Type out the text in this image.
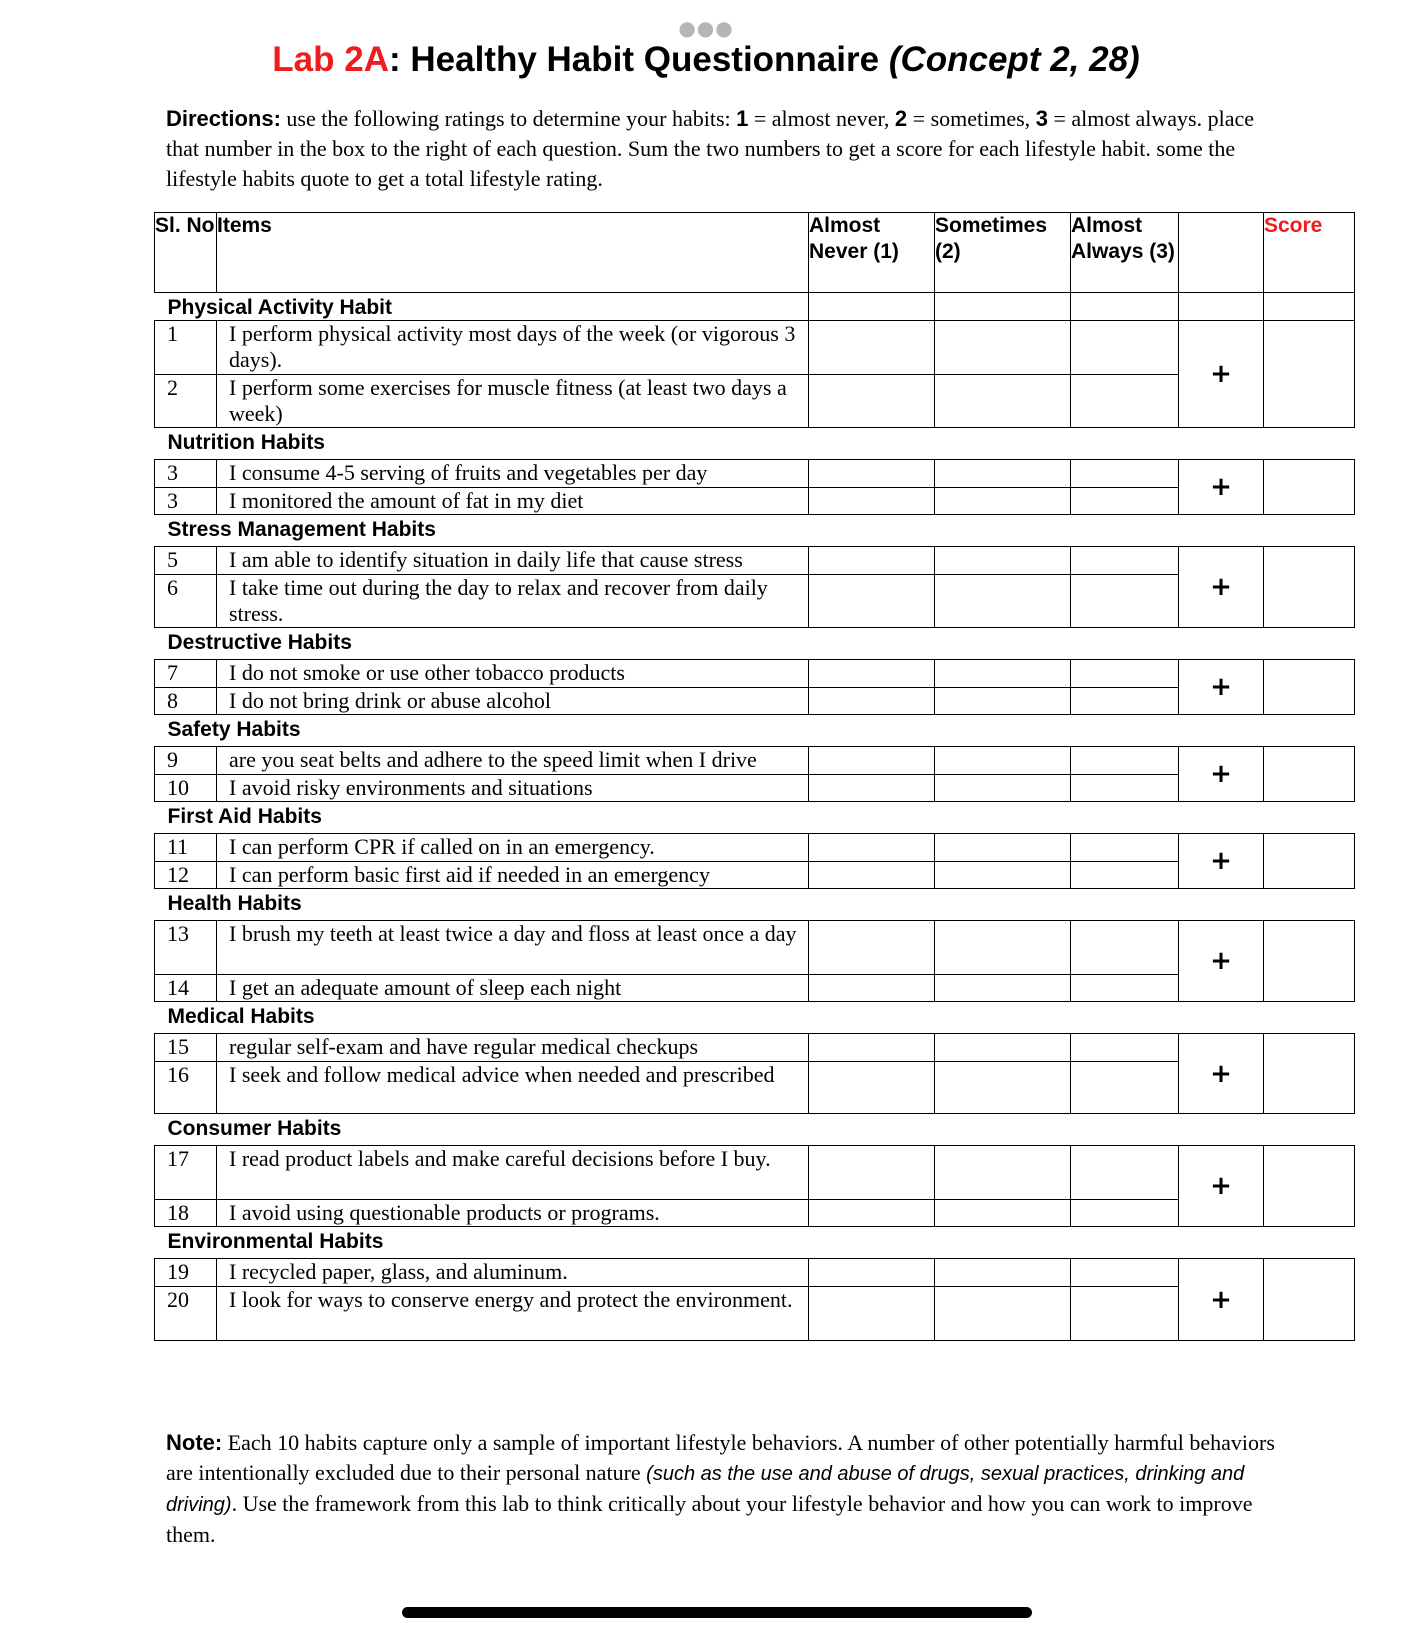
●●●
Lab 2A: Healthy Habit Questionnaire (Concept 2, 28)
Directions: use the following ratings to determine your habits: 1 = almost never, 2 = sometimes, 3 = almost always. place that number in the box to the right of each question. Sum the two numbers to get a score for each lifestyle habit. some the lifestyle habits quote to get a total lifestyle rating.
Sl. No	Items	Almost Never (1)	Sometimes (2)	Almost Always (3)		Score
Physical Activity Habit						
1	I perform physical activity most days of the week (or vigorous 3 days).				+	
2	I perform some exercises for muscle fitness (at least two days a week)					
Nutrition Habits						
3	I consume 4-5 serving of fruits and vegetables per day				+	
3	I monitored the amount of fat in my diet					
Stress Management Habits						
5	I am able to identify situation in daily life that cause stress				+	
6	I take time out during the day to relax and recover from daily stress.					
Destructive Habits						
7	I do not smoke or use other tobacco products				+	
8	I do not bring drink or abuse alcohol					
Safety Habits						
9	are you seat belts and adhere to the speed limit when I drive				+	
10	I avoid risky environments and situations					
First Aid Habits						
11	I can perform CPR if called on in an emergency.				+	
12	I can perform basic first aid if needed in an emergency					
Health Habits						
13	I brush my teeth at least twice a day and floss at least once a day				+	
14	I get an adequate amount of sleep each night					
Medical Habits						
15	regular self-exam and have regular medical checkups				+	
16	I seek and follow medical advice when needed and prescribed					
Consumer Habits						
17	I read product labels and make careful decisions before I buy.				+	
18	I avoid using questionable products or programs.					
Environmental Habits						
19	I recycled paper, glass, and aluminum.				+	
20	I look for ways to conserve energy and protect the environment.					
Note: Each 10 habits capture only a sample of important lifestyle behaviors. A number of other potentially harmful behaviors are intentionally excluded due to their personal nature (such as the use and abuse of drugs, sexual practices, drinking and driving). Use the framework from this lab to think critically about your lifestyle behavior and how you can work to improve them.
